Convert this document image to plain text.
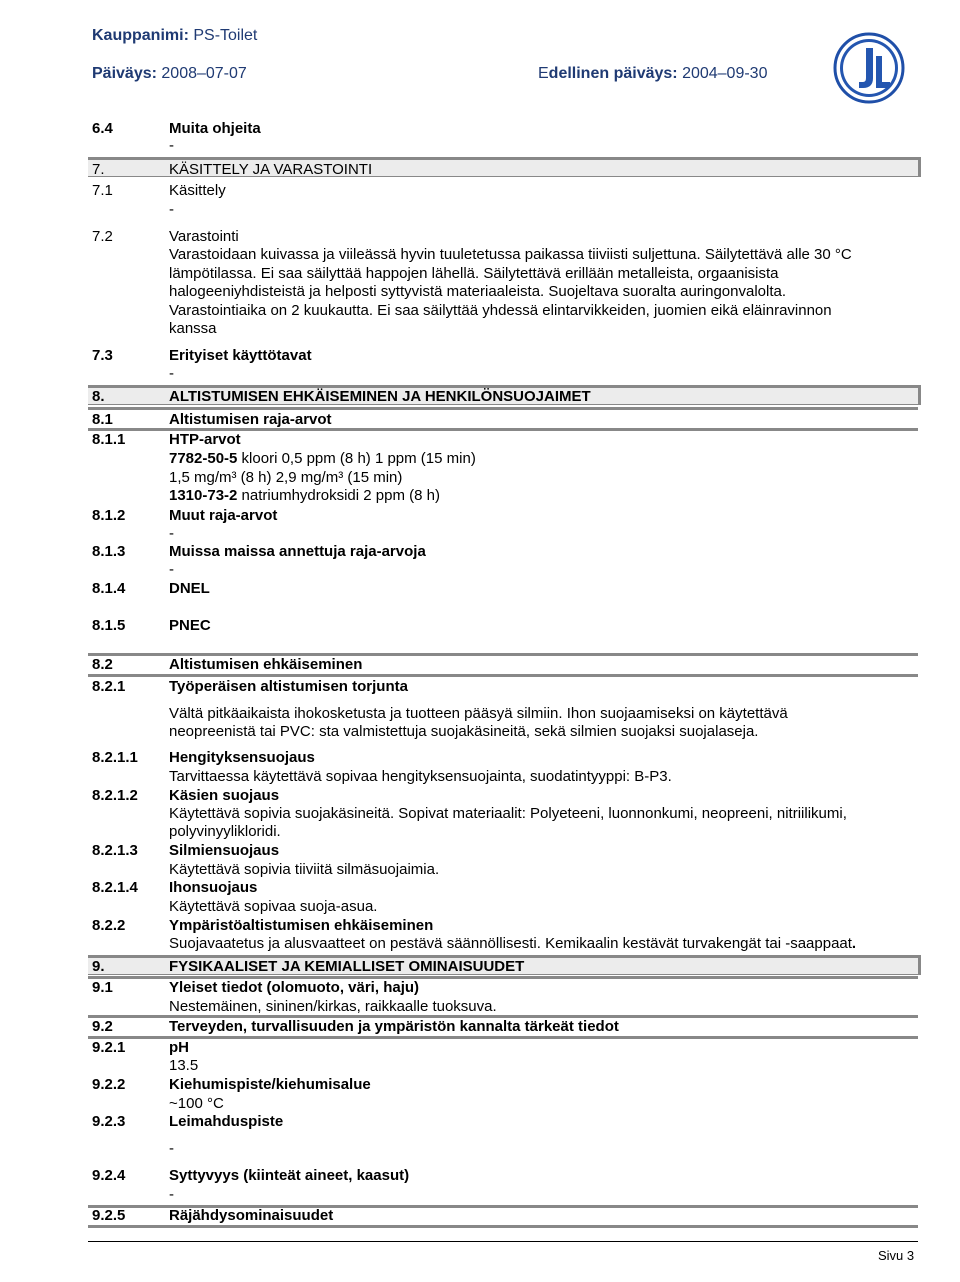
Kauppanimi: PS-Toilet
Päiväys: 2008–07-07	Edellinen päiväys: 2004–09-30
6.4	Muita ohjeita
-
7.	KÄSITTELY JA VARASTOINTI
7.1	Käsittely
-
7.2	Varastointi
Varastoidaan kuivassa ja viileässä hyvin tuuletetussa paikassa tiiviisti suljettuna. Säilytettävä alle 30 °C
lämpötilassa. Ei saa säilyttää happojen lähellä. Säilytettävä erillään metalleista, orgaanisista
halogeeniyhdisteistä ja helposti syttyvistä materiaaleista. Suojeltava suoralta auringonvalolta.
Varastointiaika on 2 kuukautta. Ei saa säilyttää yhdessä elintarvikkeiden, juomien eikä eläinravinnon
kanssa
7.3	Erityiset käyttötavat
-
8.	ALTISTUMISEN EHKÄISEMINEN JA HENKILÖNSUOJAIMET
8.1	Altistumisen raja-arvot
8.1.1	HTP-arvot
7782-50-5 kloori 0,5 ppm (8 h) 1 ppm (15 min)
1,5 mg/m³ (8 h) 2,9 mg/m³ (15 min)
1310-73-2 natriumhydroksidi 2 ppm (8 h)
8.1.2	Muut raja-arvot
-
8.1.3	Muissa maissa annettuja raja-arvoja
-
8.1.4	DNEL
8.1.5	PNEC
8.2	Altistumisen ehkäiseminen
8.2.1	Työperäisen altistumisen torjunta
Vältä pitkäaikaista ihokosketusta ja tuotteen pääsyä silmiin. Ihon suojaamiseksi on käytettävä
neopreenistä tai PVC: sta valmistettuja suojakäsineitä, sekä silmien suojaksi suojalaseja.
8.2.1.1 Hengityksensuojaus
Tarvittaessa käytettävä sopivaa hengityksensuojainta, suodatintyyppi: B-P3.
8.2.1.2 Käsien suojaus
Käytettävä sopivia suojakäsineitä. Sopivat materiaalit: Polyeteeni, luonnonkumi, neopreeni, nitriilikumi,
polyvinyylikloridi.
8.2.1.3 Silmiensuojaus
Käytettävä sopivia tiiviitä silmäsuojaimia.
8.2.1.4 Ihonsuojaus
Käytettävä sopivaa suoja-asua.
8.2.2	Ympäristöaltistumisen ehkäiseminen
Suojavaatetus ja alusvaatteet on pestävä säännöllisesti. Kemikaalin kestävät turvakengät tai -saappaat.
9.	FYSIKAALISET JA KEMIALLISET OMINAISUUDET
9.1	Yleiset tiedot (olomuoto, väri, haju)
Nestemäinen, sininen/kirkas, raikkaalle tuoksuva.
9.2	Terveyden, turvallisuuden ja ympäristön kannalta tärkeät tiedot
9.2.1	pH
13.5
9.2.2	Kiehumispiste/kiehumisalue
~100 °C
9.2.3	Leimahduspiste
-
9.2.4	Syttyvyys (kiinteät aineet, kaasut)
-
9.2.5	Räjähdysominaisuudet
Sivu 3
